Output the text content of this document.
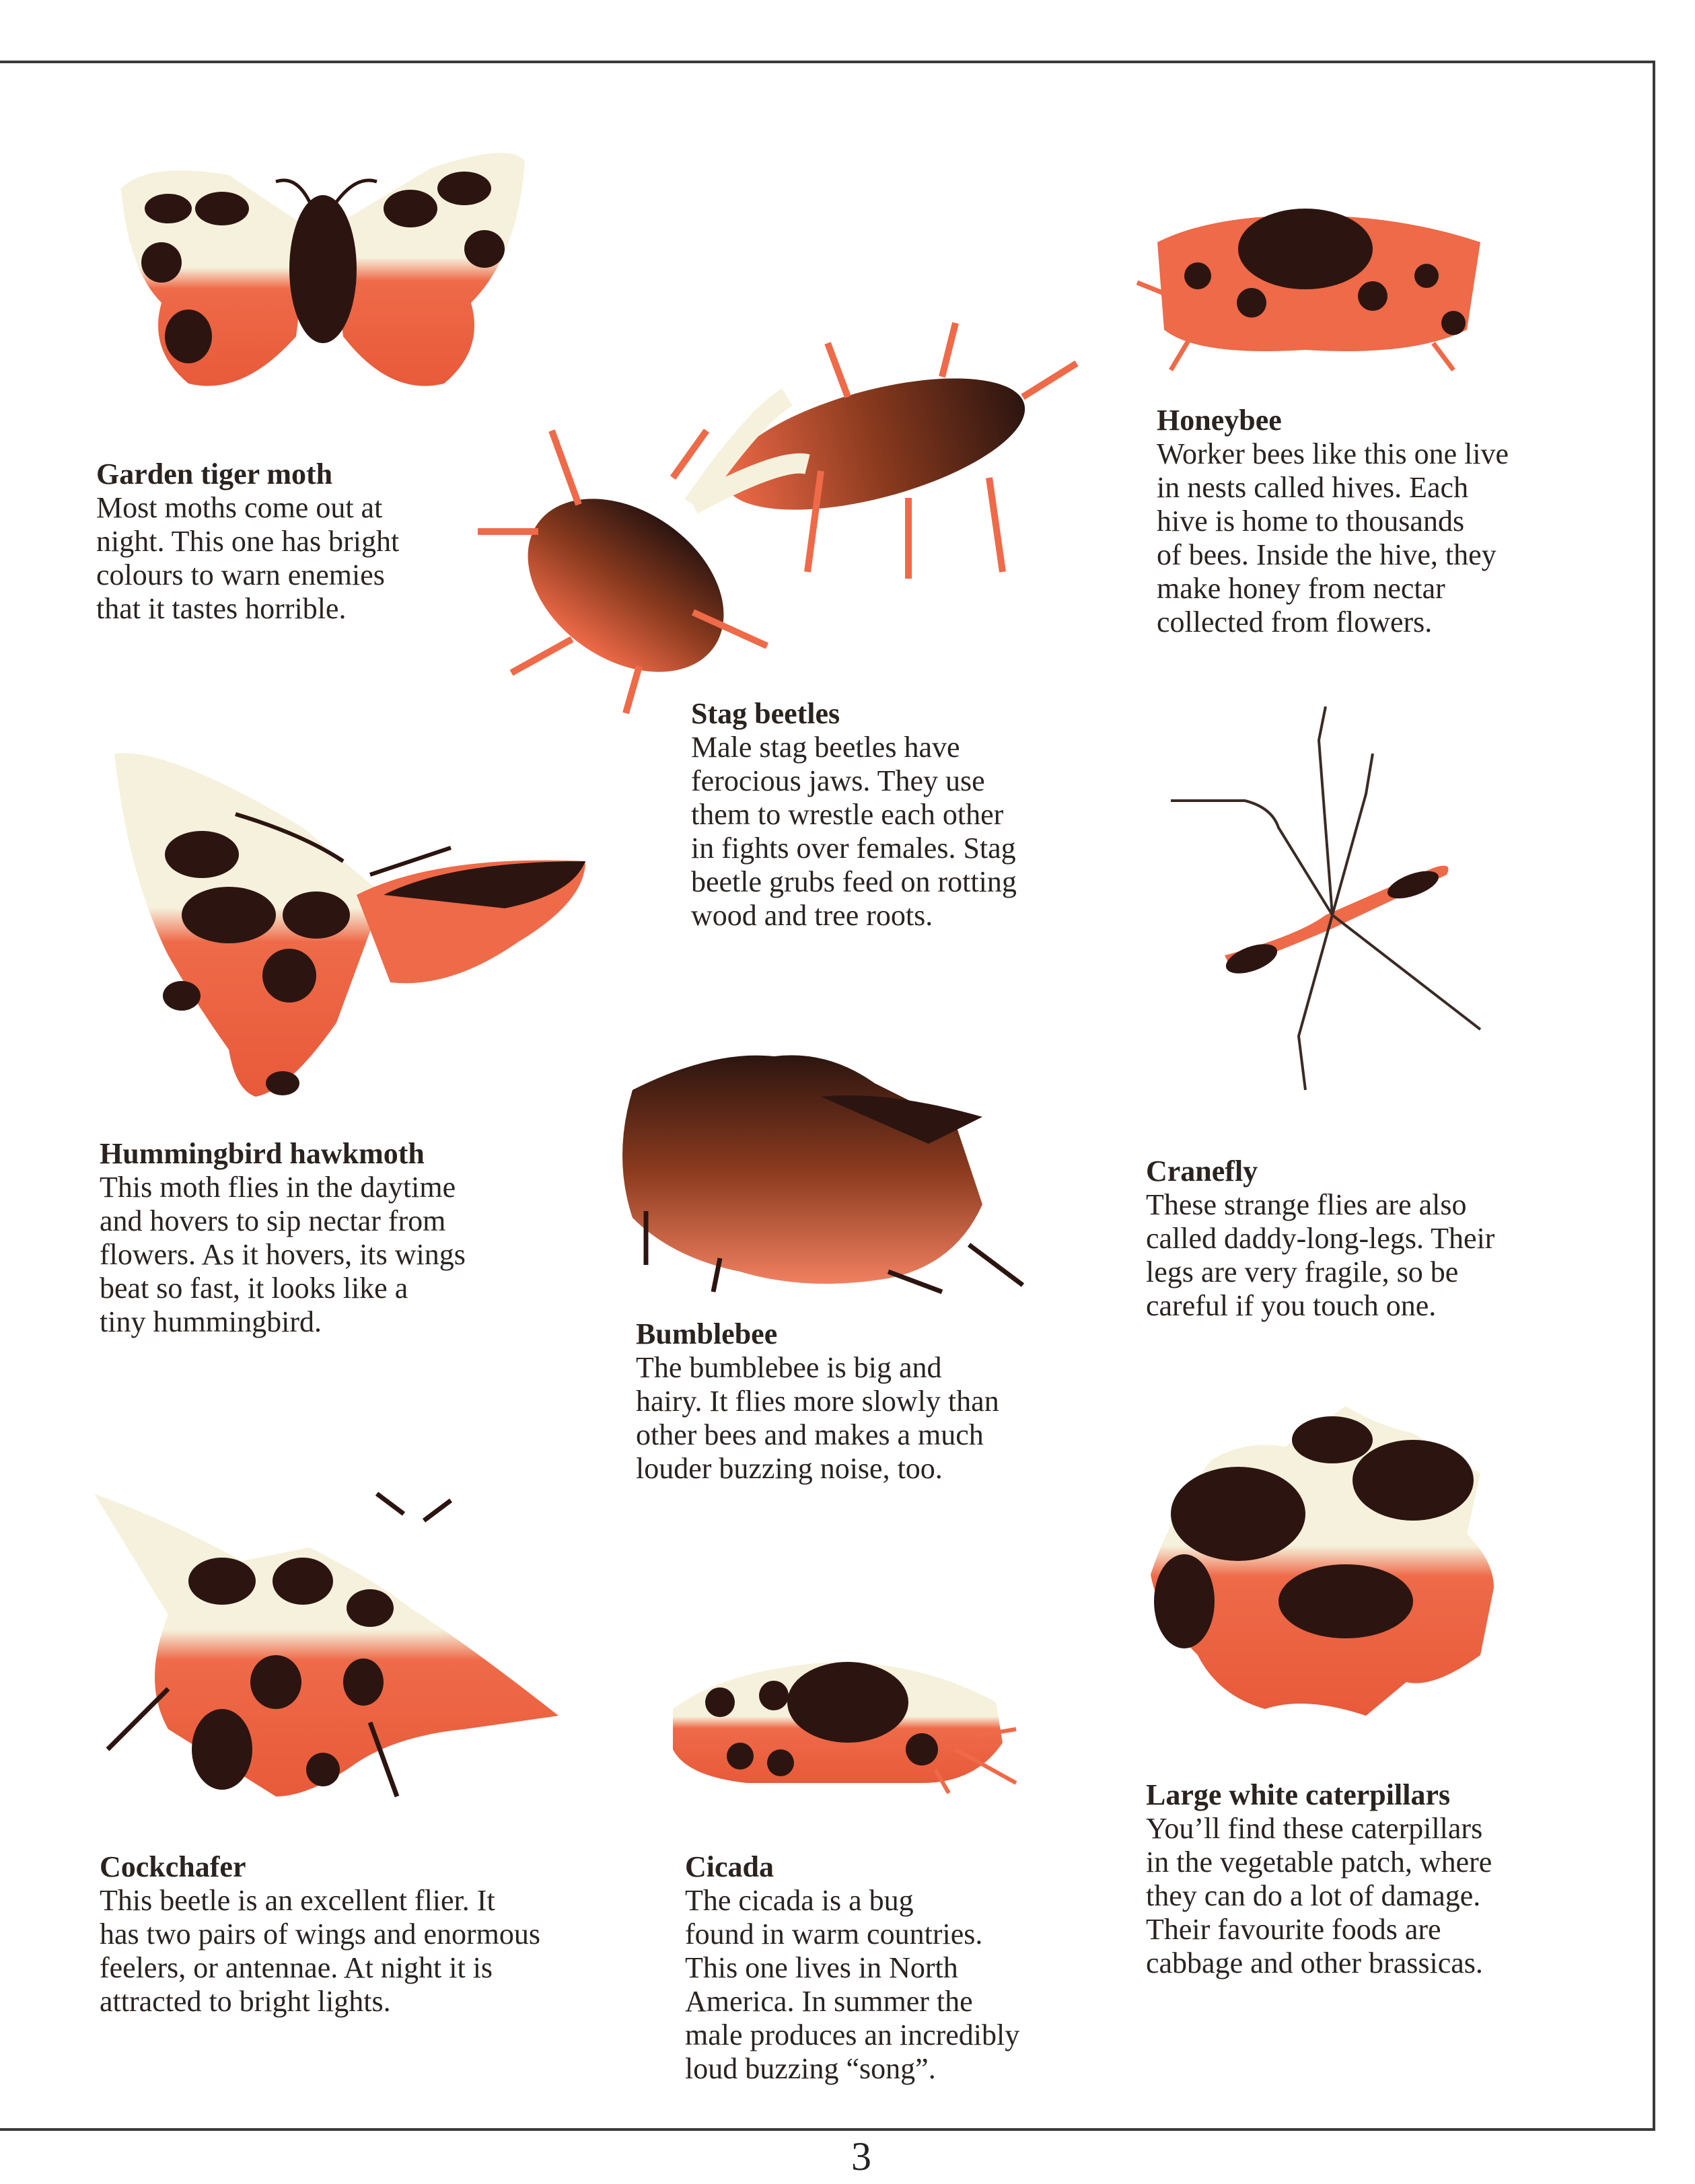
Garden tiger moth
Most moths come out at
night. This one has bright
colours to warn enemies
that it tastes horrible.
Stag beetles
Male stag beetles have
ferocious jaws. They use
them to wrestle each other
in fights over females. Stag
beetle grubs feed on rotting
wood and tree roots.
Honeybee
Worker bees like this one live
in nests called hives. Each
hive is home to thousands
of bees. Inside the hive, they
make honey from nectar
collected from flowers.
Hummingbird hawkmoth
This moth flies in the daytime
and hovers to sip nectar from
flowers. As it hovers, its wings
beat so fast, it looks like a
tiny hummingbird.	Bumblebee
The bumblebee is big and
hairy. It flies more slowly than
other bees and makes a much
louder buzzing noise, too.
Cranefly
These strange flies are also
called daddy-long-legs. Their
legs are very fragile, so be
careful if you touch one.
Cockchafer
This beetle is an excellent flier. It
has two pairs of wings and enormous
feelers, or antennae. At night it is
attracted to bright lights.
Cicada
The cicada is a bug
found in warm countries.
This one lives in North
America. In summer the
male produces an incredibly
loud buzzing “song”.
Large white caterpillars
You’ll find these caterpillars
in the vegetable patch, where
they can do a lot of damage.
Their favourite foods are
cabbage and other brassicas.
3
